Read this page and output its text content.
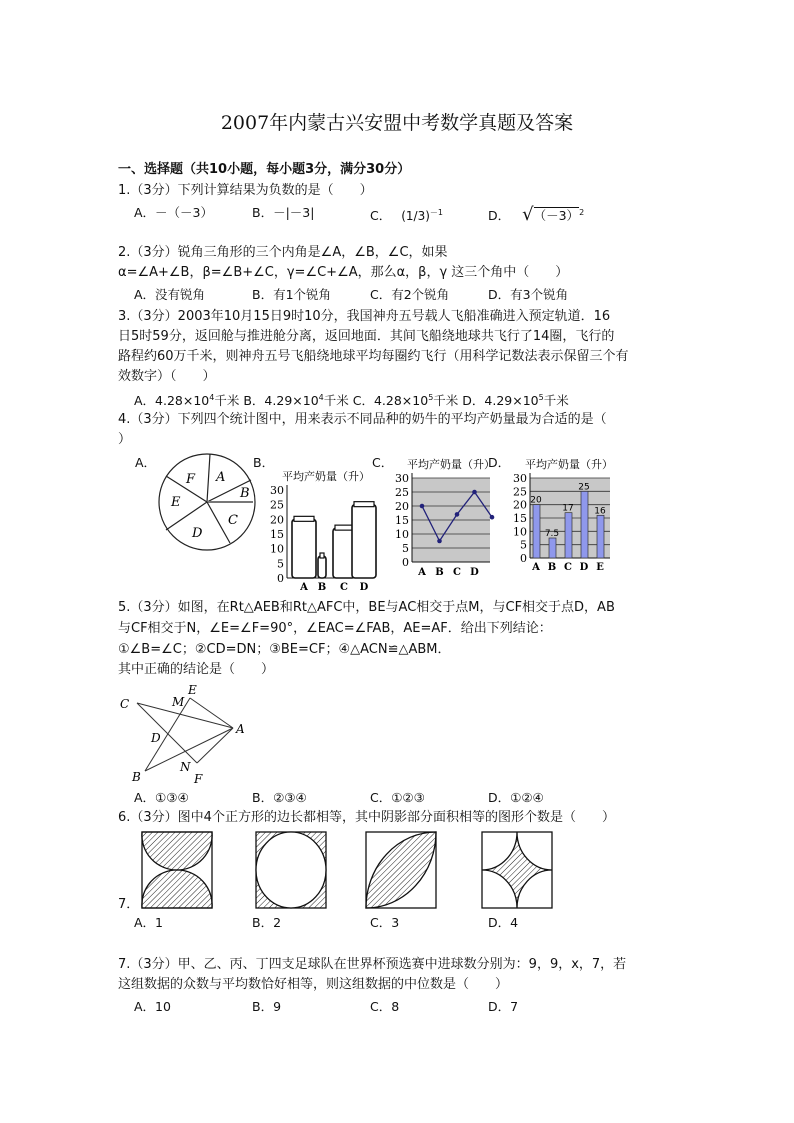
2007年内蒙古兴安盟中考数学真题及答案
一、选择题（共10小题，每小题3分，满分30分）
1.（3分）下列计算结果为负数的是（　　）
A．－（－3）	B．－|－3|	C． $(1/3)^{-1}$	D． $√(-3)^2$
2.（3分）锐角三角形的三个内角是∠A，∠B，∠C，如果
α=∠A+∠B，β=∠B+∠C，γ=∠C+∠A，那么α，β，γ 这三个角中（　　）
A．没有锐角	B．有1个锐角	C．有2个锐角	D．有3个锐角
3.（3分）2003年10月15日9时10分，我国神舟五号载人飞船准确进入预定轨道．16
日5时59分，返回舱与推进舱分离，返回地面．其间飞船绕地球共飞行了14圈，飞行的
路程约60万千米，则神舟五号飞船绕地球平均每圈约飞行（用科学记数法表示保留三个有
效数字）（　　）
A．$4.28\times 10^4$千米 B．$4.29\times 10^4$千米 C．$4.28\times 10^5$千米 D．$4.29\times 10^5$千米
4.（3分）下列四个统计图中，用来表示不同品种的奶牛的平均产奶量最为合适的是（
）
A．	B．	C．	D．
A
B
C
D
E
F	平均产奶量（升）
0
5
10
15
20
25
30
A B C D
平均产奶量（升）
0
5
10
15
20
25
30
A B C D
平均产奶量（升）
0
5
10
15
20
25
30
20
A
7.5
B
17
C
25
D
16
E
5.（3分）如图，在Rt△AEB和Rt△AFC中，BE与AC相交于点M，与CF相交于点D，AB
与CF相交于N，∠E=∠F=90°，∠EAC=∠FAB，AE=AF．给出下列结论：
①∠B=∠C；②CD=DN；③BE=CF；④△ACN≌△ABM．
其中正确的结论是（　　）
C	M
E
A
D
B
N
F
A．①③④	B．②③④	C．①②③	D．①②④
6.（3分）图中4个正方形的边长都相等，其中阴影部分面积相等的图形个数是（　　）
7．
A．1	B．2	C．3	D．4
7.（3分）甲、乙、丙、丁四支足球队在世界杯预选赛中进球数分别为：9，9，x，7，若
这组数据的众数与平均数恰好相等，则这组数据的中位数是（　　）
A．10	B．9	C．8	D．7
